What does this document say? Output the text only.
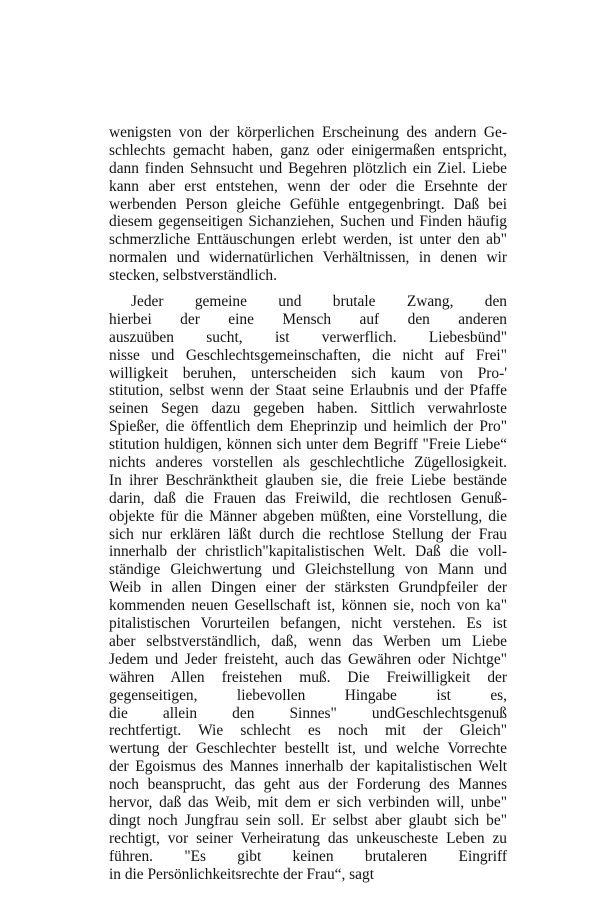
wenigsten von der körperlichen Erscheinung des andern Ge-
schlechts gemacht haben, ganz oder einigermaßen entspricht,
dann finden Sehnsucht und Begehren plötzlich ein Ziel. Liebe
kann aber erst entstehen, wenn der oder die Ersehnte der
werbenden Person gleiche Gefühle entgegenbringt. Daß bei
diesem gegenseitigen Sichanziehen, Suchen und Finden häufig
schmerzliche Enttäuschungen erlebt werden, ist unter den ab"
normalen und widernatürlichen Verhältnissen, in denen wir
stecken, selbstverständlich.
Jeder gemeine und brutale Zwang, den
hierbei der eine Mensch auf den anderen
auszuüben sucht, ist verwerflich. Liebesbünd"
nisse und Geschlechtsgemeinschaften, die nicht auf Frei"
willigkeit beruhen, unterscheiden sich kaum von Pro-'
stitution, selbst wenn der Staat seine Erlaubnis und der Pfaffe
seinen Segen dazu gegeben haben. Sittlich verwahrloste
Spießer, die öffentlich dem Eheprinzip und heimlich der Pro"
stitution huldigen, können sich unter dem Begriff "Freie Liebe“
nichts anderes vorstellen als geschlechtliche Zügellosigkeit.
In ihrer Beschränktheit glauben sie, die freie Liebe bestände
darin, daß die Frauen das Freiwild, die rechtlosen Genuß-
objekte für die Männer abgeben müßten, eine Vorstellung, die
sich nur erklären läßt durch die rechtlose Stellung der Frau
innerhalb der christlich"kapitalistischen Welt. Daß die voll-
ständige Gleichwertung und Gleichstellung von Mann und
Weib in allen Dingen einer der stärksten Grundpfeiler der
kommenden neuen Gesellschaft ist, können sie, noch von ka"
pitalistischen Vorurteilen befangen, nicht verstehen. Es ist
aber selbstverständlich, daß, wenn das Werben um Liebe
Jedem und Jeder freisteht, auch das Gewähren oder Nichtge"
währen Allen freistehen muß. Die Freiwilligkeit der
gegenseitigen, liebevollen Hingabe ist es,
die allein den Sinnes" undGeschlechtsgenuß
rechtfertigt. Wie schlecht es noch mit der Gleich"
wertung der Geschlechter bestellt ist, und welche Vorrechte
der Egoismus des Mannes innerhalb der kapitalistischen Welt
noch beansprucht, das geht aus der Forderung des Mannes
hervor, daß das Weib, mit dem er sich verbinden will, unbe"
dingt noch Jungfrau sein soll. Er selbst aber glaubt sich be"
rechtigt, vor seiner Verheiratung das unkeuscheste Leben zu
führen. "Es gibt keinen brutaleren Eingriff
in die Persönlichkeitsrechte der Frau“, sagt
